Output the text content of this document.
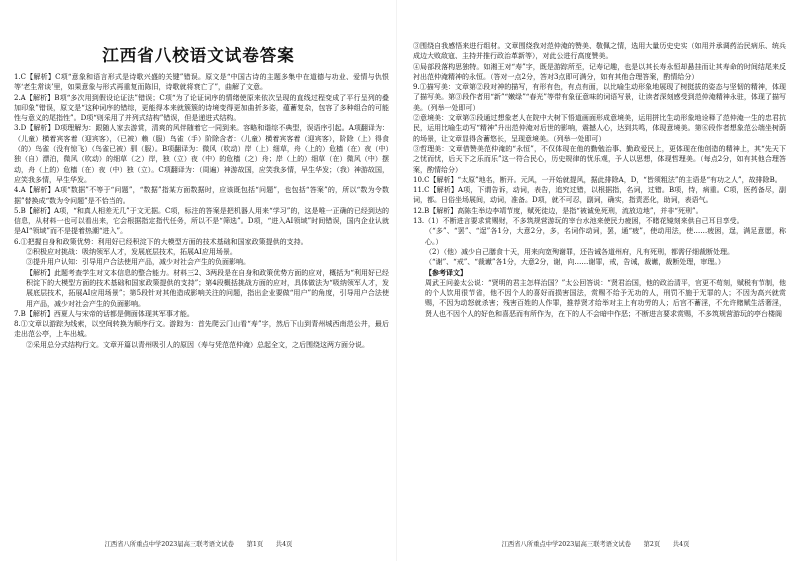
江西省八校语文试卷答案

1.C【解析】C项“意象和语言形式是诗歌兴盛的关键”错误。原文是“中国古诗的主题多集中在道德与功业、爱情与仇恨等‘老生常谈’里，如果意象与形式再重复而陈旧，诗歌就将衰亡了”，曲解了文意。

2.A【解析】B项“多次用到假设论证法”错误；C项“为了论证词序的情绪使原来依次呈现的直线过程变成了平行呈列的叠加印象”错误，原文是“这种词序的错综，更能得本来就簇簇的诗境变得更加曲折多姿，蕴蓄复杂，包容了多种组合的可能性与意义的尾指性”。D项“则采用了并列式结构”错误，但是递进式结构。

3.D【解析】D项理解为：跟随人家去游赏，清爽的风伴随着它一同到来。容略和谐综不典型，误语序引起。A项翻译为：（儿童）横着宾客着（迎宾客），（已被）赖（服）鸟雀（手）阶除含者：（儿童）横着宾客着（迎宾客），阶除（上）得食（的）鸟雀（没有惊飞）（鸟雀已被）驯（服）。B项翻译为：微风（吹动）岸（上）细草，舟（上的）危樯（在）夜（中）独（自）漂泊，微风（吹动）的细草（之）岸，独（立）夜（中）的危樯（之）舟；岸（上的）细草（在）微风（中）摆动，舟（上的）危樯（在）夜（中）独（立）。C项翻译为：（周遍）神游故国，应笑我多情，早生华发；（我）神游故国，应笑我多情，早生华发。

4.A【解析】A项“数据”不等于“问题”，“数据”指某方面数据时，应该既包括“问题”，也包括“答案”的，所以“数为令数据”替换成“数为令问题”是不恰当的。

5.B【解析】A项，“和真人相差无几”于文无据。C项，标注的答案是把机器人用来“学习”的，这是唯一正确的已经到达的信息，从材料一也可以看出来，它会根据指定指代任务，所以不是“筛选”。D项，“进入AI领域”时间错误，国内企业认就是AI“领域”而不是提着热潮“进入”。

6.①把握自身和政策优势：利用好已经积淀下的大模型方面的技术基础和国家政策提供的支持。

②积极应对挑战：吸纳领军人才，发展底层技术，拓展AI应用场景。

③提升用户认知：引导用户合法使用产品，减少对社会产生的负面影响。

【解析】此题考查学生对文本信息的整合能力。材料三2、3两段是在自身和政策优势方面的应对，概括为“利用好已经积淀下的大模型方面的技术基础和国家政策提供的支持”；第4段概括挑战方面的应对，具体做法为“吸纳领军人才，发展底层技术，拓展AI应用场景”；第5段针对其他造成影响关注的问题，指出企业要做“用户”的角度，引导用户合法使用产品，减少对社会产生的负面影响。

7.B【解析】西夏人与宋帝的话都是侧面体现其军事才能。

8.①文章以游踪为线索，以空间转换为顺序行文。游踪为：首先爬云门山看“寿”字，然后下山到青州城西南范公井，最后走出范公亭，上车出城。

②采用总分式结构行文。文章开篇以青州吸引人的原因（寿与凭范范仲淹）总起全文，之后围绕这两方面分说。

江西省八所重点中学2023届高三联考语文试卷　　第1页　　共4页

③围绕自我感悟来进行组材。文章围绕我对范仲淹的赞美、敬佩之情，选用大量历史史实（如用并承调药治民病乐、统兵成边大败敌寇、主持并推行政治革新等），对此公进行高度赞美。

④局部段落构思独特。如湘王对“寿”字，既是游踪所至，记寿记趣，也是以其长寿永恒却悬挂而让其寿命的时间结尾来反衬出范仲淹精神的永恒。（答对一点2分，答对3点即可满分，如有其他合理答案，酌情给分）

9.①描写美：文章第②段对神的描写，有形有色，有点有面，以比喻生动形象地展现了树挺拔的姿态与坚韧的精神，体现了描写美。第③段作者用“新”“嫩绿”“春光”等带有象征意味的词语写景，让读者深刻感受到范仲淹精神永驻，体现了描写美。（列举一处即可）

②意境美：文章第⑤段通过想象老人在院中大树下悟道画面形成意境美，运用拼比生动形象地诠释了范仲淹一生的忠君抗民，运用比喻生动写“精神”升出范仲淹对后世的影响，震撼人心，达到共鸣，体现意境美。第⑥段作者想象范公端坐树荫的场景，让文章显得含蓄悠长，呈现意境美。（列举一处即可）

③哲理美：文章借赞美范仲淹的“永恒”，不仅体现在他的勤勉治事、勤政爱民上，更体现在他创造的精神上，其“先天下之忧而忧，后天下之乐而乐”这一符合民心，历史规律的忧乐观，予人以思想，体现哲理美。（每点2分，如有其他合理答案，酌情给分）

10.C【解析】“太原”地名，断开。元风，一开始就提风，据此排除A，D，“皆须粗法”的主语是“有功之人”，故排除B。

11.C【解析】A项，下谓告诉，动词，表告，追究过错，以根据指，名词，过错。B项，恃，病重。C项，医药备尽，副词，都。日俗坐场展间，动词，准备。D项，就不可忍，副词，确实，指责恶化，助词，表语气。

12.B【解析】高陈生举边李靖节度，赋死徒边，是指“被诚免死刑，流放边地”，并非“死刑”。

13.（1）不断进言要求赏赐财，不多筑规营游玩的宰台水池来使民力疲困，不睹花镜刻来供自己耳目享受。

（“多”、“罢”、“逞”各1分，大意2分，多，名词作动词，罢，通“疲”，使动用法，使……疲困，逞，满足意愿，称心。）

（2）（他）减少自己膳食十天，用来向宽殉谢罪，还告诫各道州府，凡有死刑，都需仔细裁断处理。

（“谢”、“戒”、“裁谳”各1分，大意2分，谢，向……谢罪，戒，告诫，裁谳，裁断处理，审理。）

【参考译文】

周武王问姜太公说：“贤明的君主怎样治国？”太公回答说：“贤君治国，他的政治清平，官更不苟刻，赋税有节制，他的个人饮用很节省，他不因个人的喜好而损害国法，赏赐不给予无功的人，刑罚不施于无罪的人；不因为高兴就赏赐，不因为动怒就杀害；残害百姓的人作罪，推荐贤才给举对主上有功劳的人；后宫不蓄淫，不允许赌赋生活奢淫，贤人也不因个人的好色和喜恶而有所作为，在下的人不会暗中作恶；不断进言要求赏赐，不多筑规营游玩的亭台楼阁

江西省八所重点中学2023届高三联考语文试卷　　第2页　　共4页
